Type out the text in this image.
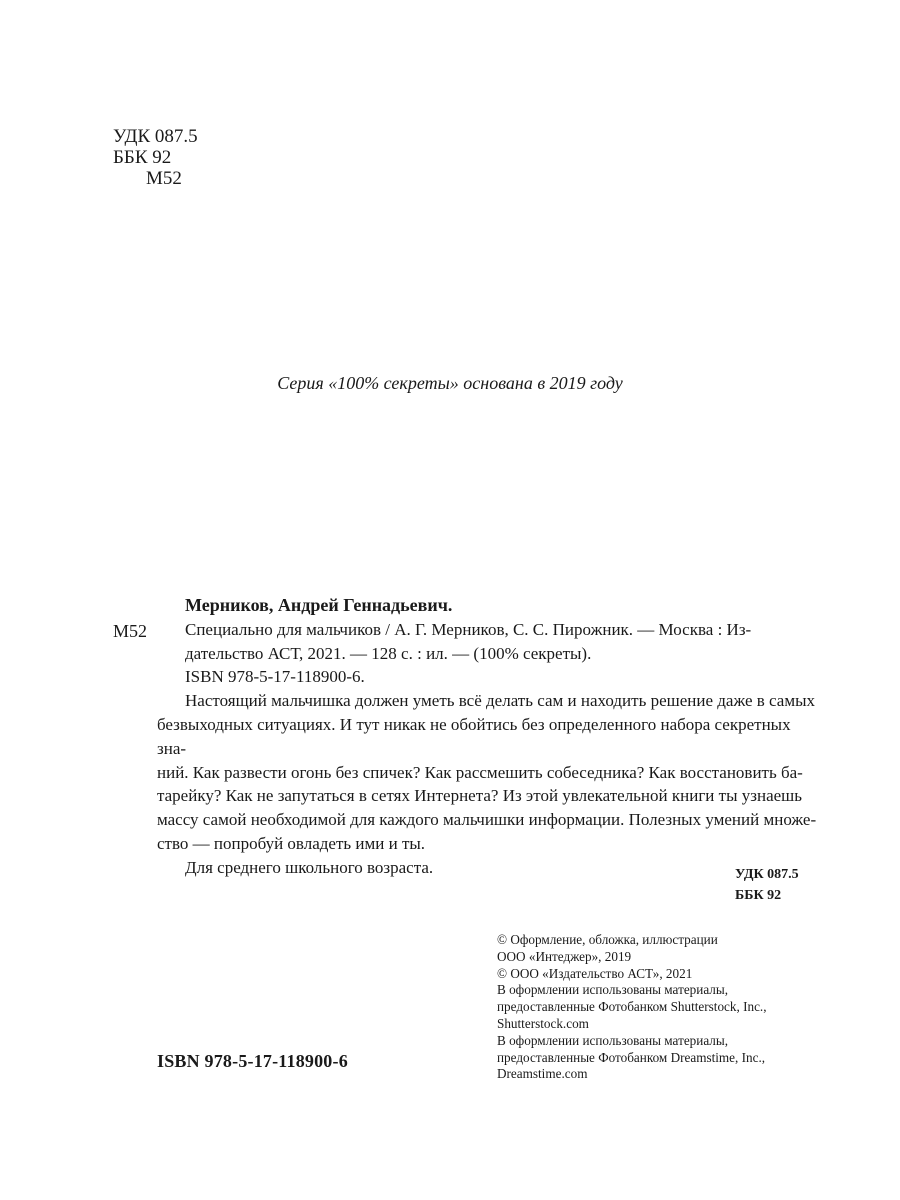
УДК 087.5
ББК 92
М52
Серия «100% секреты» основана в 2019 году
М52

Мерников, Андрей Геннадьевич.

Специально для мальчиков / А. Г. Мерников, С. С. Пирожник. — Москва : Из-

дательство АСТ, 2021. — 128 с. : ил. — (100% секреты).

ISBN 978-5-17-118900-6.

Настоящий мальчишка должен уметь всё делать сам и находить решение даже в самых

безвыходных ситуациях. И тут никак не обойтись без определенного набора секретных зна-

ний. Как развести огонь без спичек? Как рассмешить собеседника? Как восстановить ба-

тарейку? Как не запутаться в сетях Интернета? Из этой увлекательной книги ты узнаешь

массу самой необходимой для каждого мальчишки информации. Полезных умений множе-

ство — попробуй овладеть ими и ты.

Для среднего школьного возраста.	УДК 087.5
ББК 92
© Оформление, обложка, иллюстрации
ООО «Интеджер», 2019
© ООО «Издательство АСТ», 2021
В оформлении использованы материалы,
предоставленные Фотобанком Shutterstock, Inc.,
Shutterstock.com
В оформлении использованы материалы,
предоставленные Фотобанком Dreamstime, Inc.,
Dreamstime.com
ISBN 978-5-17-118900-6
